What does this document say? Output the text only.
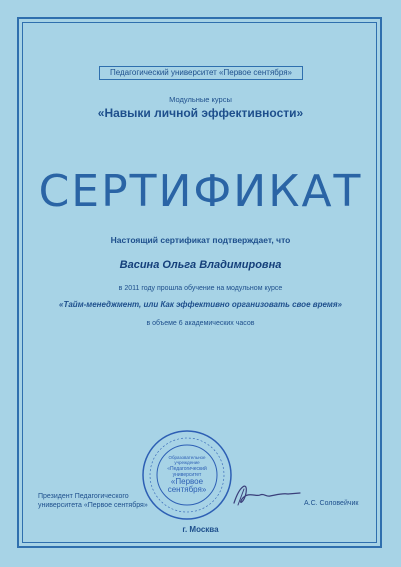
Педагогический университет «Первое сентября»
Модульные курсы
«Навыки личной эффективности»
СЕРТИФИКАТ
Настоящий сертификат подтверждает, что
Васина Ольга Владимировна
в 2011 году прошла обучение на модульном курсе
«Тайм-менеджмент, или Как эффективно организовать свое время»
в объеме 6 академических часов
Образовательное
учреждение
«Педагогический
университет
«Первое
сентября»
Президент Педагогического
университета «Первое сентября»	А.С. Соловейчик
г. Москва
